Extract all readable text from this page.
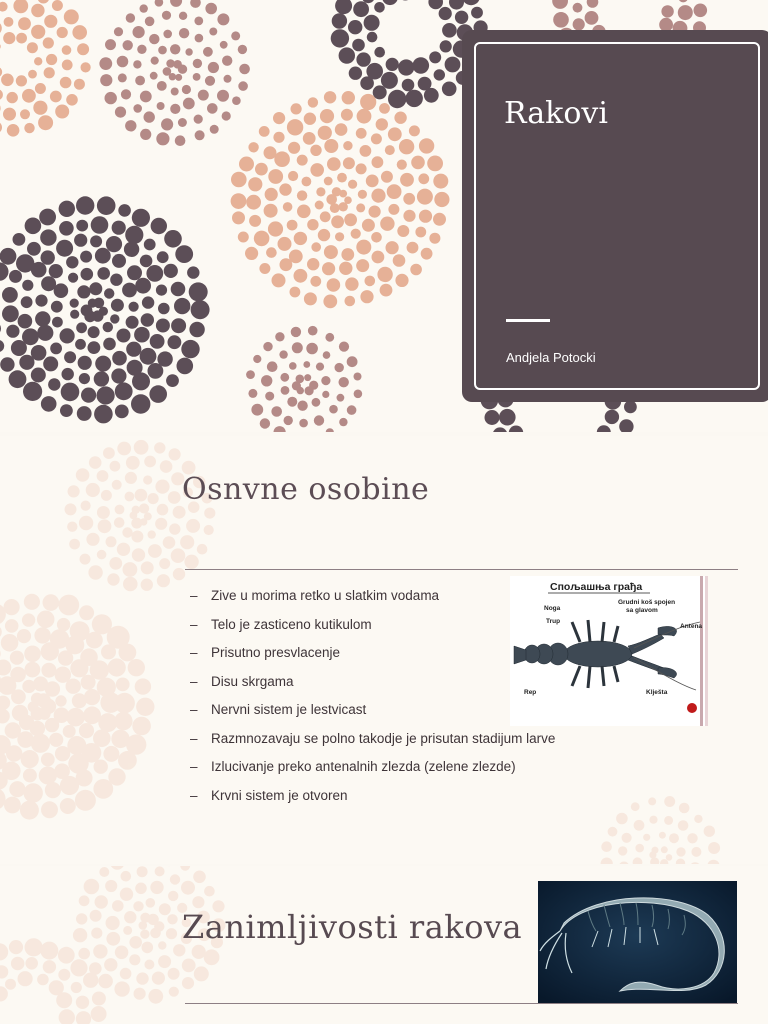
Rakovi
Andjela Potocki
Osnvne osobine
– Zive u morima retko u slatkim vodama
– Telo je zasticeno kutikulom
– Prisutno presvlacenje
– Disu skrgama
– Nervni sistem je lestvicast
– Razmnozavaju se polno takodje je prisutan stadijum larve
– Izlucivanje preko antenalnih zlezda (zelene zlezde)
– Krvni sistem je otvoren
Спољашња грађа
Noga
Trup
Grudni koš spojen
sa glavom
Antena
Rep	Klješta
Zanimljivosti rakova
